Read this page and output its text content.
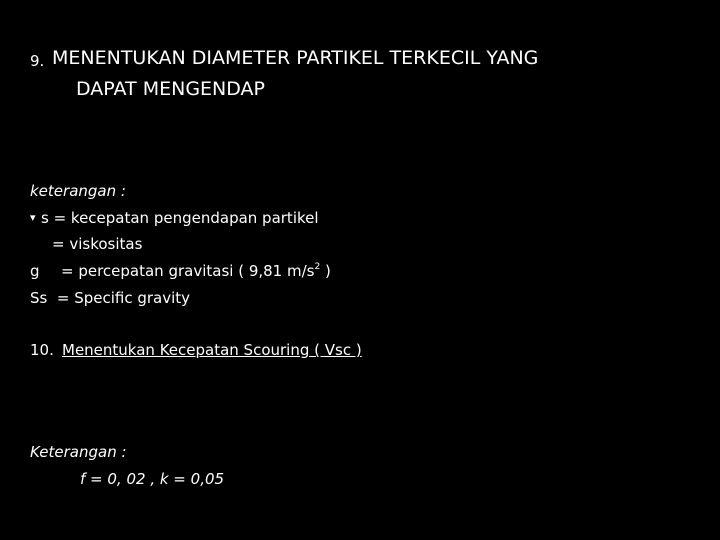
9. MENENTUKAN DIAMETER PARTIKEL TERKECIL YANG
DAPAT MENGENDAP
keterangan :
▾ s = kecepatan pengendapan partikel
= viskositas
g = percepatan gravitasi ( 9,81 $m/s^2$ )
Ss  = Specific gravity
10. Menentukan Kecepatan Scouring ( Vsc )
Keterangan :
f = 0, 02 , k = 0,05
